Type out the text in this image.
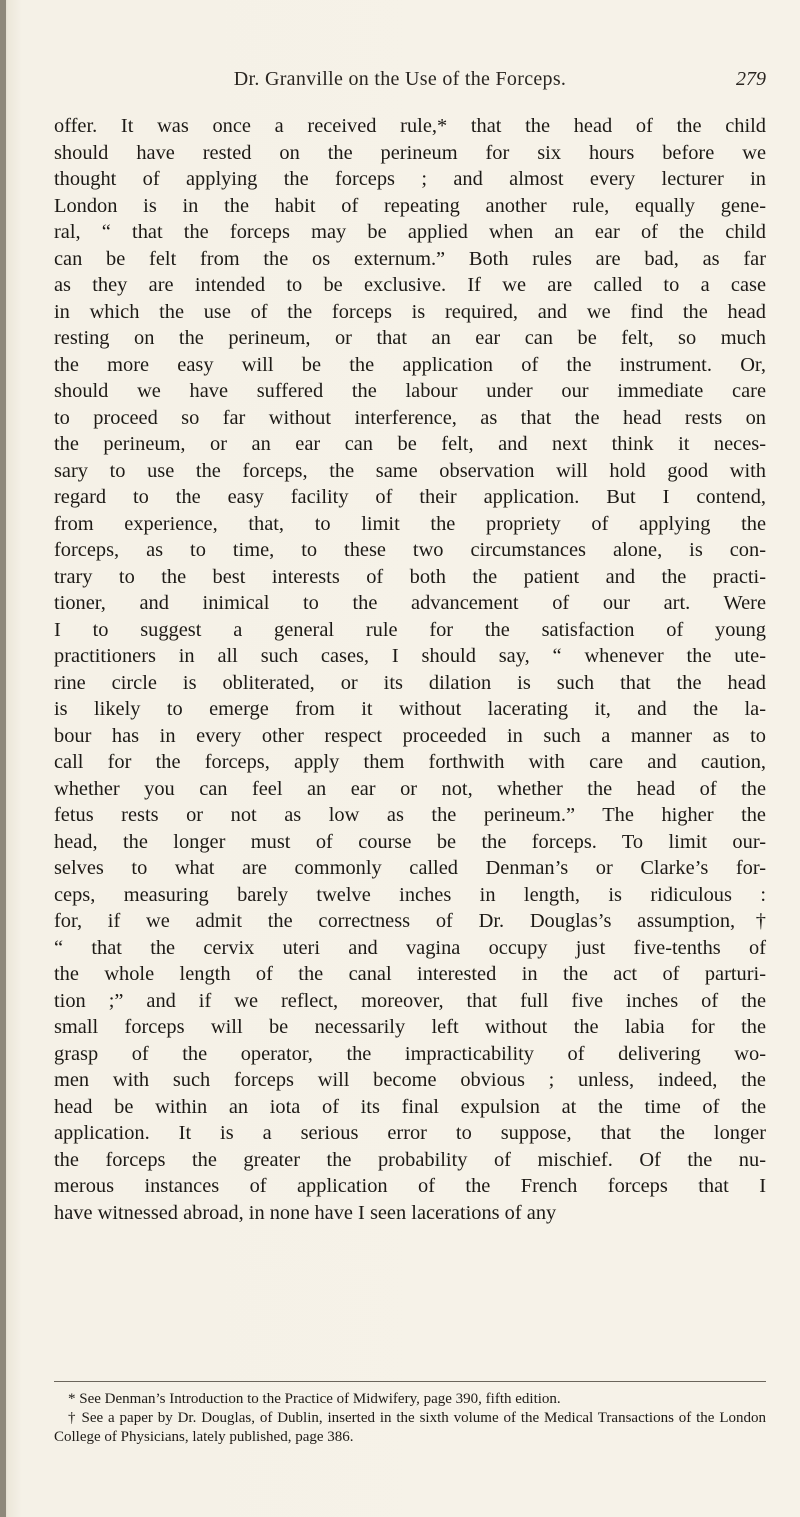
Dr. Granville on the Use of the Forceps.	279
offer. It was once a received rule,* that the head of the child
should have rested on the perineum for six hours before we
thought of applying the forceps ; and almost every lecturer in
London is in the habit of repeating another rule, equally gene-
ral, “ that the forceps may be applied when an ear of the child
can be felt from the os externum.” Both rules are bad, as far
as they are intended to be exclusive. If we are called to a case
in which the use of the forceps is required, and we find the head
resting on the perineum, or that an ear can be felt, so much
the more easy will be the application of the instrument. Or,
should we have suffered the labour under our immediate care
to proceed so far without interference, as that the head rests on
the perineum, or an ear can be felt, and next think it neces-
sary to use the forceps, the same observation will hold good with
regard to the easy facility of their application. But I contend,
from experience, that, to limit the propriety of applying the
forceps, as to time, to these two circumstances alone, is con-
trary to the best interests of both the patient and the practi-
tioner, and inimical to the advancement of our art. Were
I to suggest a general rule for the satisfaction of young
practitioners in all such cases, I should say, “ whenever the ute-
rine circle is obliterated, or its dilation is such that the head
is likely to emerge from it without lacerating it, and the la-
bour has in every other respect proceeded in such a manner as to
call for the forceps, apply them forthwith with care and caution,
whether you can feel an ear or not, whether the head of the
fetus rests or not as low as the perineum.” The higher the
head, the longer must of course be the forceps. To limit our-
selves to what are commonly called Denman’s or Clarke’s for-
ceps, measuring barely twelve inches in length, is ridiculous :
for, if we admit the correctness of Dr. Douglas’s assumption,†
“ that the cervix uteri and vagina occupy just five-tenths of
the whole length of the canal interested in the act of parturi-
tion ;” and if we reflect, moreover, that full five inches of the
small forceps will be necessarily left without the labia for the
grasp of the operator, the impracticability of delivering wo-
men with such forceps will become obvious ; unless, indeed, the
head be within an iota of its final expulsion at the time of the
application. It is a serious error to suppose, that the longer
the forceps the greater the probability of mischief. Of the nu-
merous instances of application of the French forceps that I
have witnessed abroad, in none have I seen lacerations of any

* See Denman’s Introduction to the Practice of Midwifery, page 390, fifth edition.

† See a paper by Dr. Douglas, of Dublin, inserted in the sixth volume of the Medical Transactions of the London College of Physicians, lately published, page 386.
